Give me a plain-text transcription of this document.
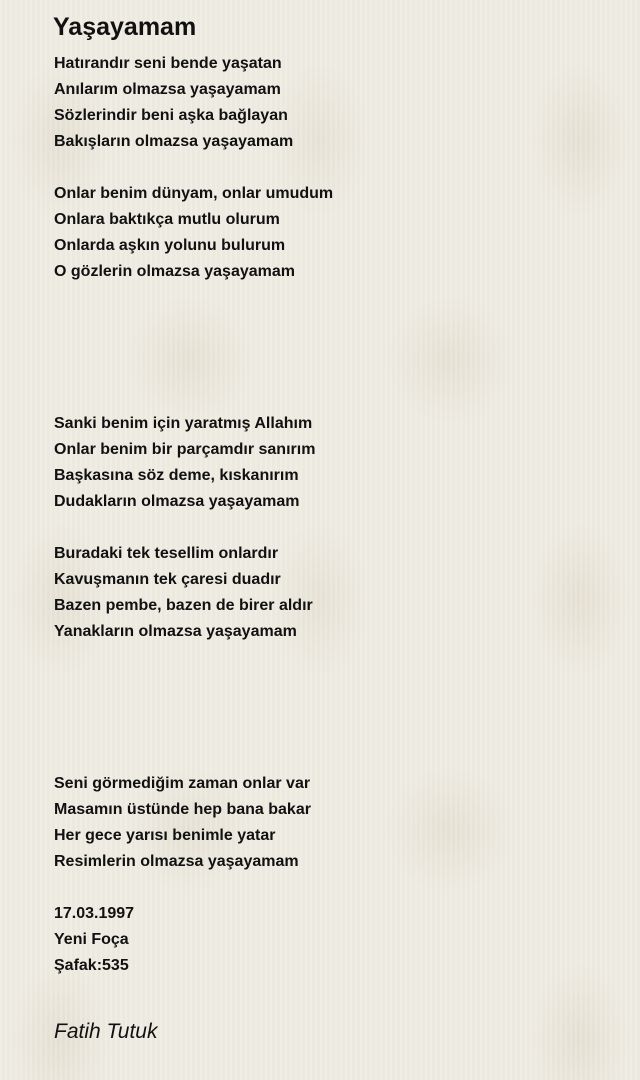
Yaşayamam
Hatırandır seni bende yaşatan
Anılarım olmazsa yaşayamam
Sözlerindir beni aşka bağlayan
Bakışların olmazsa yaşayamam
Onlar benim dünyam, onlar umudum
Onlara baktıkça mutlu olurum
Onlarda aşkın yolunu bulurum
O gözlerin olmazsa yaşayamam
Sanki benim için yaratmış Allahım
Onlar benim bir parçamdır sanırım
Başkasına söz deme, kıskanırım
Dudakların olmazsa yaşayamam
Buradaki tek tesellim onlardır
Kavuşmanın tek çaresi duadır
Bazen pembe, bazen de birer aldır
Yanakların olmazsa yaşayamam
Seni görmediğim zaman onlar var
Masamın üstünde hep bana bakar
Her gece yarısı benimle yatar
Resimlerin olmazsa yaşayamam
17.03.1997
Yeni Foça
Şafak:535
Fatih Tutuk
